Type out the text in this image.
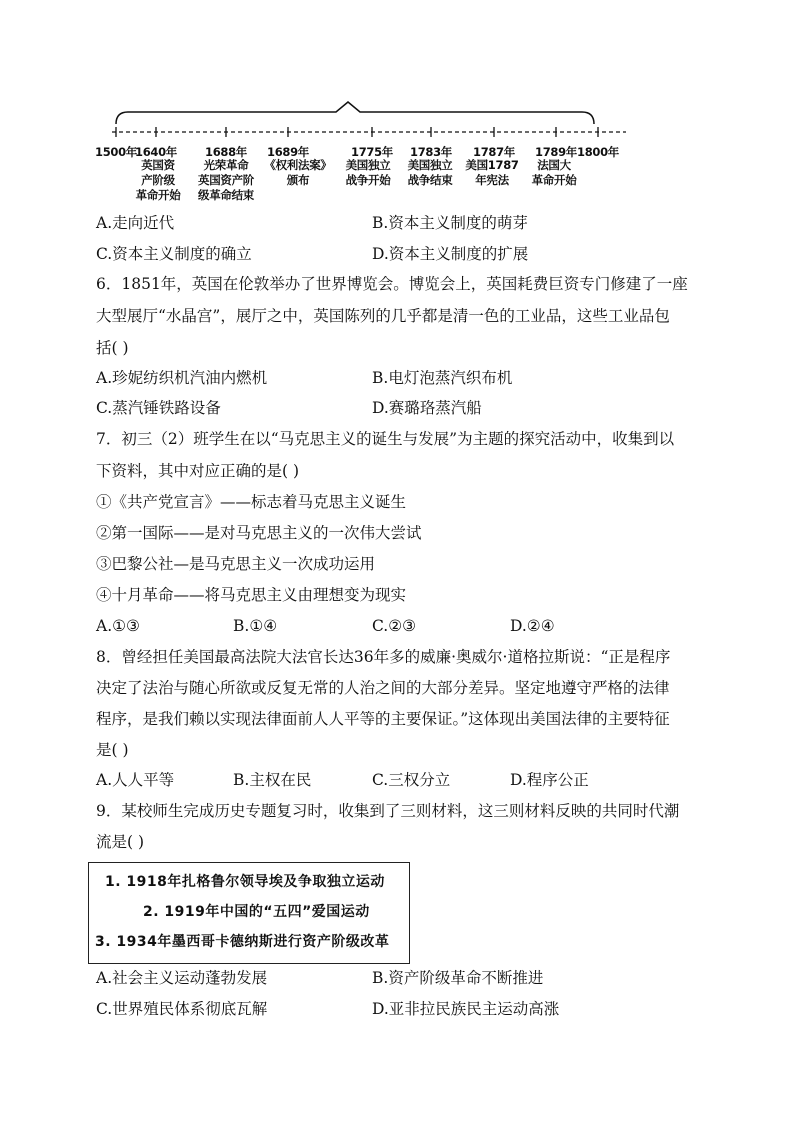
1500年
1640年 1688年 1689年	1775年 1783年 1787年 1789年 1800年
英国资
产阶级
革命开始
光荣革命
英国资产阶
级革命结束
《权利法案》
颁布
美国独立
战争开始
美国独立
战争结束
美国1787
年宪法
法国大
革命开始
A.走向近代	B.资本主义制度的萌芽
C.资本主义制度的确立	D.资本主义制度的扩展
6．1851年，英国在伦敦举办了世界博览会。博览会上，英国耗费巨资专门修建了一座
大型展厅“水晶宫”，展厅之中，英国陈列的几乎都是清一色的工业品，这些工业品包
括( )
A.珍妮纺织机汽油内燃机	B.电灯泡蒸汽织布机
C.蒸汽锤铁路设备	D.赛璐珞蒸汽船
7．初三（2）班学生在以“马克思主义的诞生与发展”为主题的探究活动中，收集到以
下资料，其中对应正确的是( )
①《共产党宣言》——标志着马克思主义诞生
②第一国际——是对马克思主义的一次伟大尝试
③巴黎公社—是马克思主义一次成功运用
④十月革命——将马克思主义由理想变为现实
A.①③	B.①④	C.②③	D.②④
8．曾经担任美国最高法院大法官长达36年多的威廉·奥威尔·道格拉斯说：“正是程序
决定了法治与随心所欲或反复无常的人治之间的大部分差异。坚定地遵守严格的法律
程序，是我们赖以实现法律面前人人平等的主要保证。”这体现出美国法律的主要特征
是( )
A.人人平等	B.主权在民	C.三权分立	D.程序公正
9．某校师生完成历史专题复习时，收集到了三则材料，这三则材料反映的共同时代潮
流是( )
1. 1918年扎格鲁尔领导埃及争取独立运动
2. 1919年中国的“五四”爱国运动
3. 1934年墨西哥卡德纳斯进行资产阶级改革
A.社会主义运动蓬勃发展	B.资产阶级革命不断推进
C.世界殖民体系彻底瓦解	D.亚非拉民族民主运动高涨
